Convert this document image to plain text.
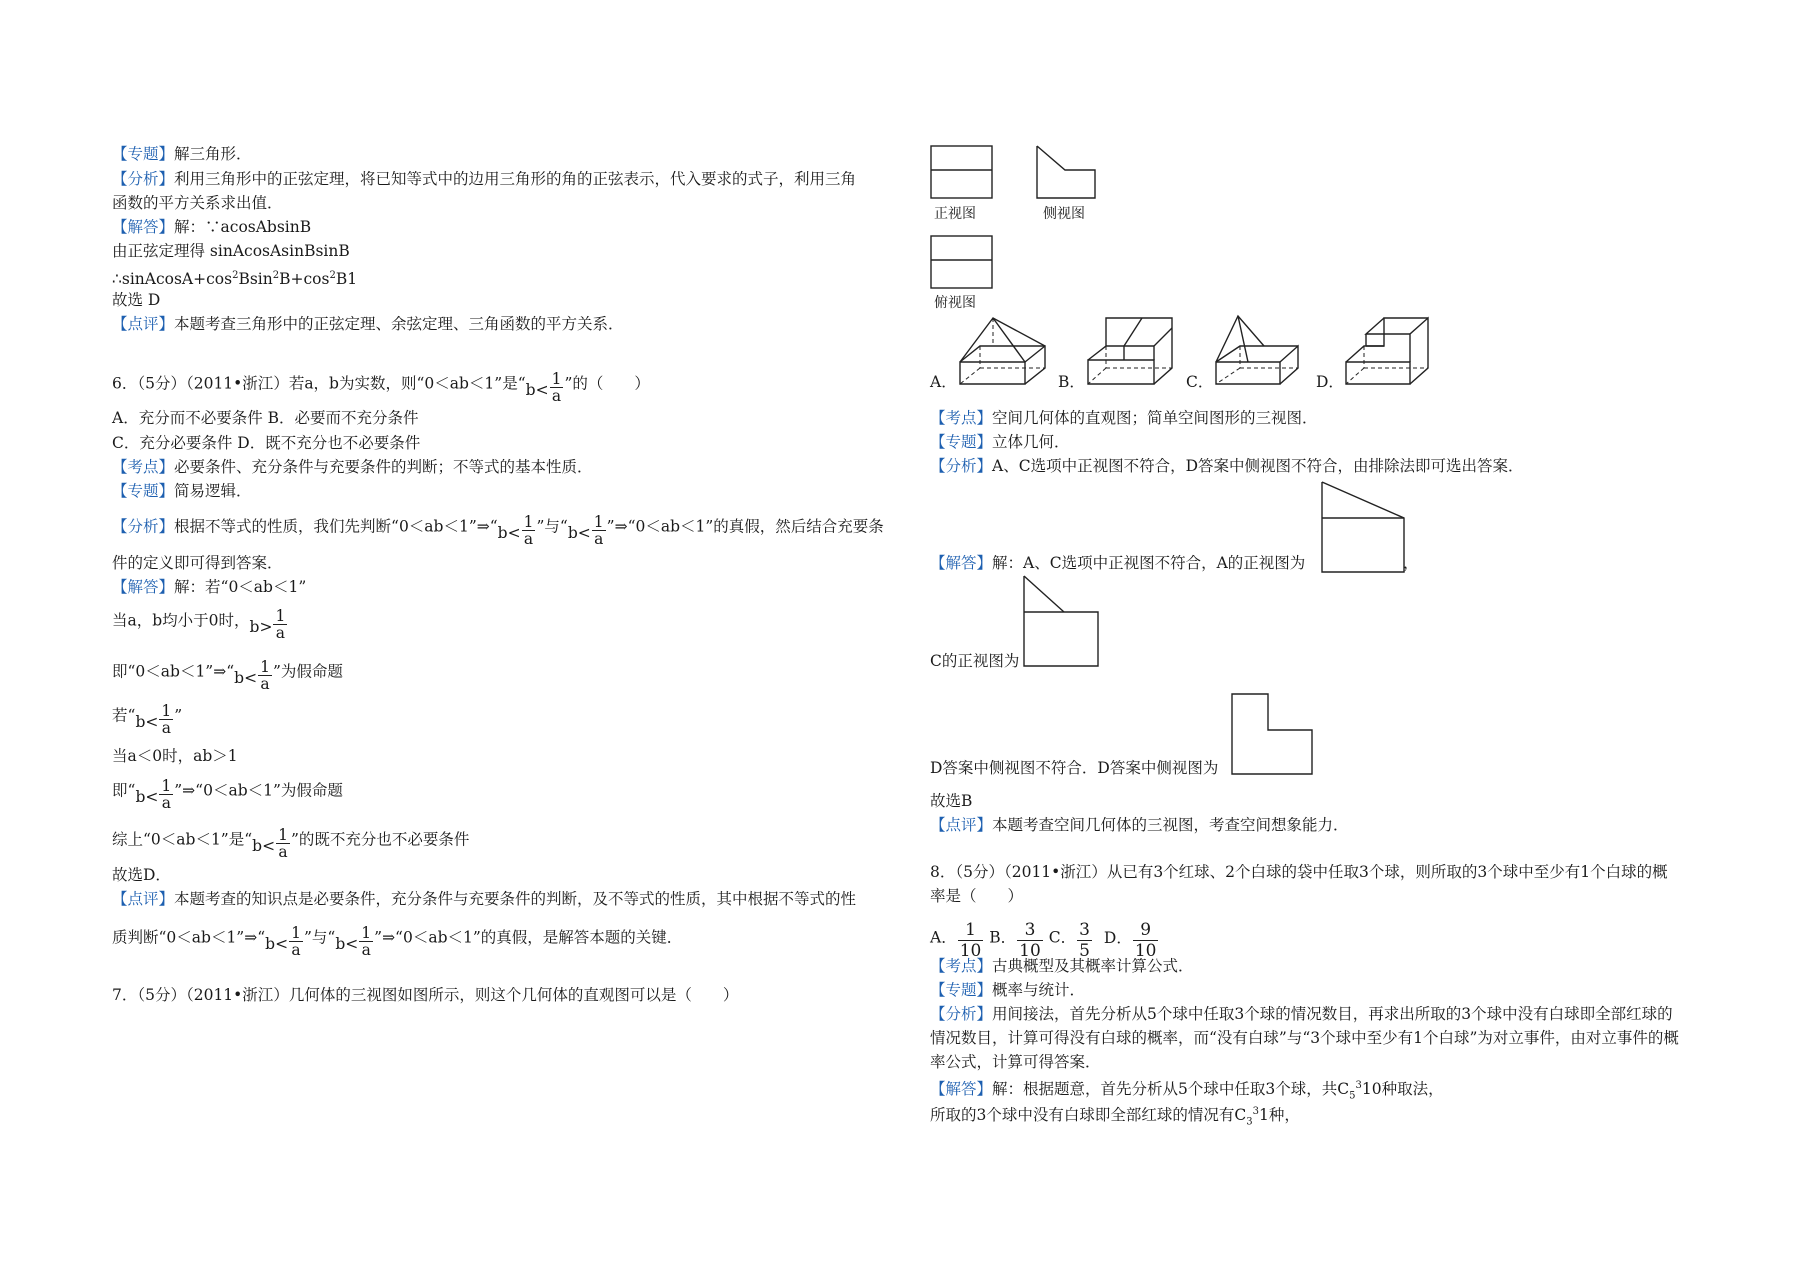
【专题】解三角形．
【分析】利用三角形中的正弦定理，将已知等式中的边用三角形的角的正弦表示，代入要求的式子，利用三角
函数的平方关系求出值．
【解答】解：∵acosAbsinB
由正弦定理得 sinAcosAsinBsinB
$\therefore sinAcosA+\cos^2Bsin^2B+\cos^2B1$
故选 D
【点评】本题考查三角形中的正弦定理、余弦定理、三角函数的平方关系．
6．（5分）（2011•浙江）若a，b为实数，则“0＜ab＜1”是“$b< \frac{1}{a}$ ”的（　　）
A．充分而不必要条件 B．必要而不充分条件
C．充分必要条件 D．既不充分也不必要条件
【考点】必要条件、充分条件与充要条件的判断；不等式的基本性质．
【专题】简易逻辑．
【分析】根据不等式的性质，我们先判断“0＜ab＜1”⇒“b< $\frac{1}{a}$ ”与“$b< \frac{1}{a}$ ”⇒“0＜ab＜1”的真假，然后结合充要条
件的定义即可得到答案．
【解答】解：若“0＜ab＜1”
当a，b均小于0时，$b> \frac{1}{a}$
即“0＜ab＜1”⇒“b< $\frac{1}{a}$ ”为假命题
若“$b< \frac{1}{a}$ ”
当a＜0时，ab＞1
即“$b< \frac{1}{a}$ ”⇒“0＜ab＜1”为假命题
综上“0＜ab＜1”是“$b< \frac{1}{a}$ ”的既不充分也不必要条件
故选D．
【点评】本题考查的知识点是必要条件，充分条件与充要条件的判断，及不等式的性质，其中根据不等式的性
质判断“0＜ab＜1”⇒“b< $\frac{1}{a}$ ”与“$b< \frac{1}{a}$ ”⇒“0＜ab＜1”的真假，是解答本题的关键．
7．（5分）（2011•浙江）几何体的三视图如图所示，则这个几何体的直观图可以是（　　）
正视图	侧视图
俯视图
A．	B．	C．	D．
【考点】空间几何体的直观图；简单空间图形的三视图．
【专题】立体几何．
【分析】A、C选项中正视图不符合，D答案中侧视图不符合，由排除法即可选出答案．
【解答】解：A、C选项中正视图不符合，A的正视图为	，
C的正视图为
D答案中侧视图不符合．D答案中侧视图为
故选B
【点评】本题考查空间几何体的三视图，考查空间想象能力．
8．（5分）（2011•浙江）从已有3个红球、2个白球的袋中任取3个球，则所取的3个球中至少有1个白球的概
率是（　　）
A． $\frac{1}{10}$ B． $\frac{3}{10}$ C． $\frac{3}{5}$ D． $\frac{9}{10}$
【考点】古典概型及其概率计算公式．
【专题】概率与统计．
【分析】用间接法，首先分析从5个球中任取3个球的情况数目，再求出所取的3个球中没有白球即全部红球的
情况数目，计算可得没有白球的概率，而“没有白球”与“3个球中至少有1个白球”为对立事件，由对立事件的概
率公式，计算可得答案．
【解答】解：根据题意，首先分析从5个球中任取3个球，共$C_5^310$种取法，
所取的3个球中没有白球即全部红球的情况有$C_3^31$种，
